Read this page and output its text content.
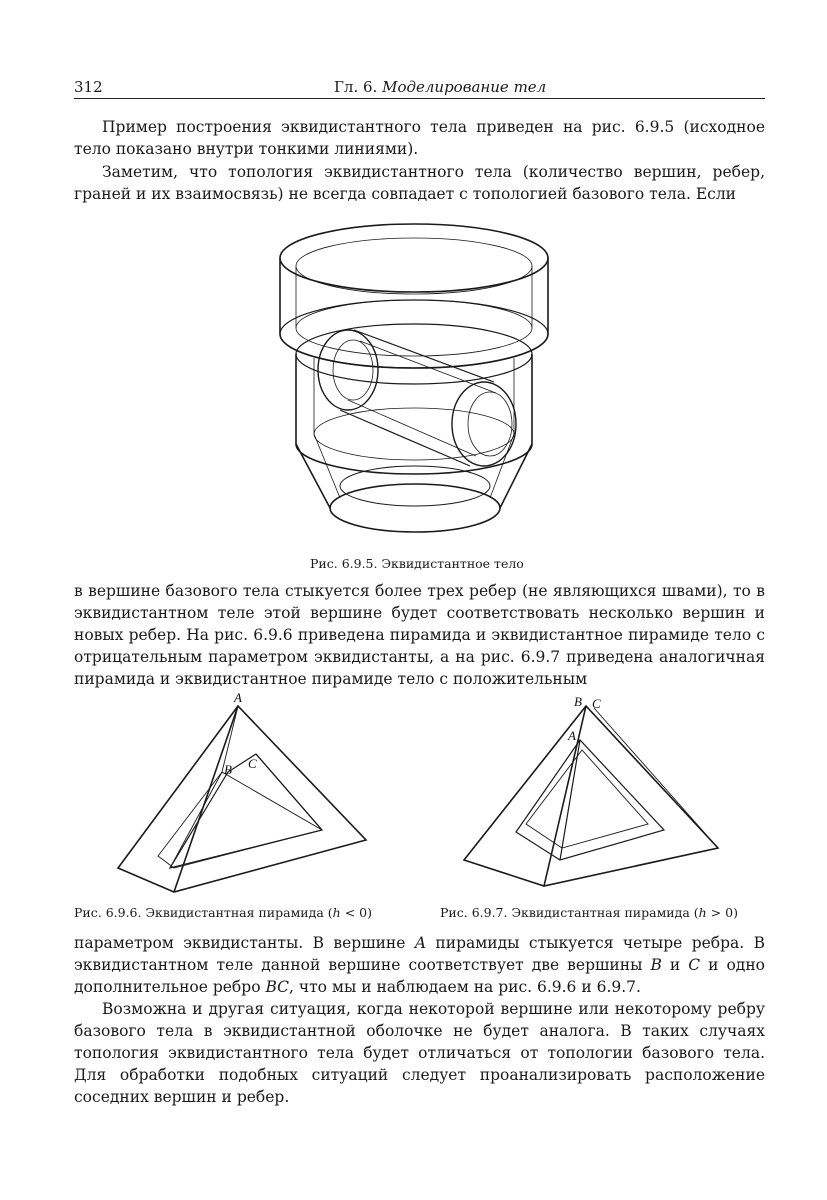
312	Гл. 6. Моделирование тел

Пример построения эквидистантного тела приведен на рис. 6.9.5 (исходное тело показано внутри тонкими линиями).

Заметим, что топология эквидистантного тела (количество вершин, ребер, граней и их взаимосвязь) не всегда совпадает с топологией базового тела. Если

Рис. 6.9.5. Эквидистантное тело

в вершине базового тела стыкуется более трех ребер (не являющихся швами), то в эквидистантном теле этой вершине будет соответствовать несколько вершин и новых ребер. На рис. 6.9.6 приведена пирамида и эквидистантное пирамиде тело с отрицательным параметром эквидистанты, а на рис. 6.9.7 приведена аналогичная пирамида и эквидистантное пирамиде тело с положительным

A
B C
Рис. 6.9.6. Эквидистантная пирамида (h < 0)
B C
A
Рис. 6.9.7. Эквидистантная пирамида (h > 0)

параметром эквидистанты. В вершине A пирамиды стыкуется четыре ребра. В эквидистантном теле данной вершине соответствует две вершины B и C и одно дополнительное ребро BC, что мы и наблюдаем на рис. 6.9.6 и 6.9.7.

Возможна и другая ситуация, когда некоторой вершине или некоторому ребру базового тела в эквидистантной оболочке не будет аналога. В таких случаях топология эквидистантного тела будет отличаться от топологии базового тела. Для обработки подобных ситуаций следует проанализировать расположение соседних вершин и ребер.
